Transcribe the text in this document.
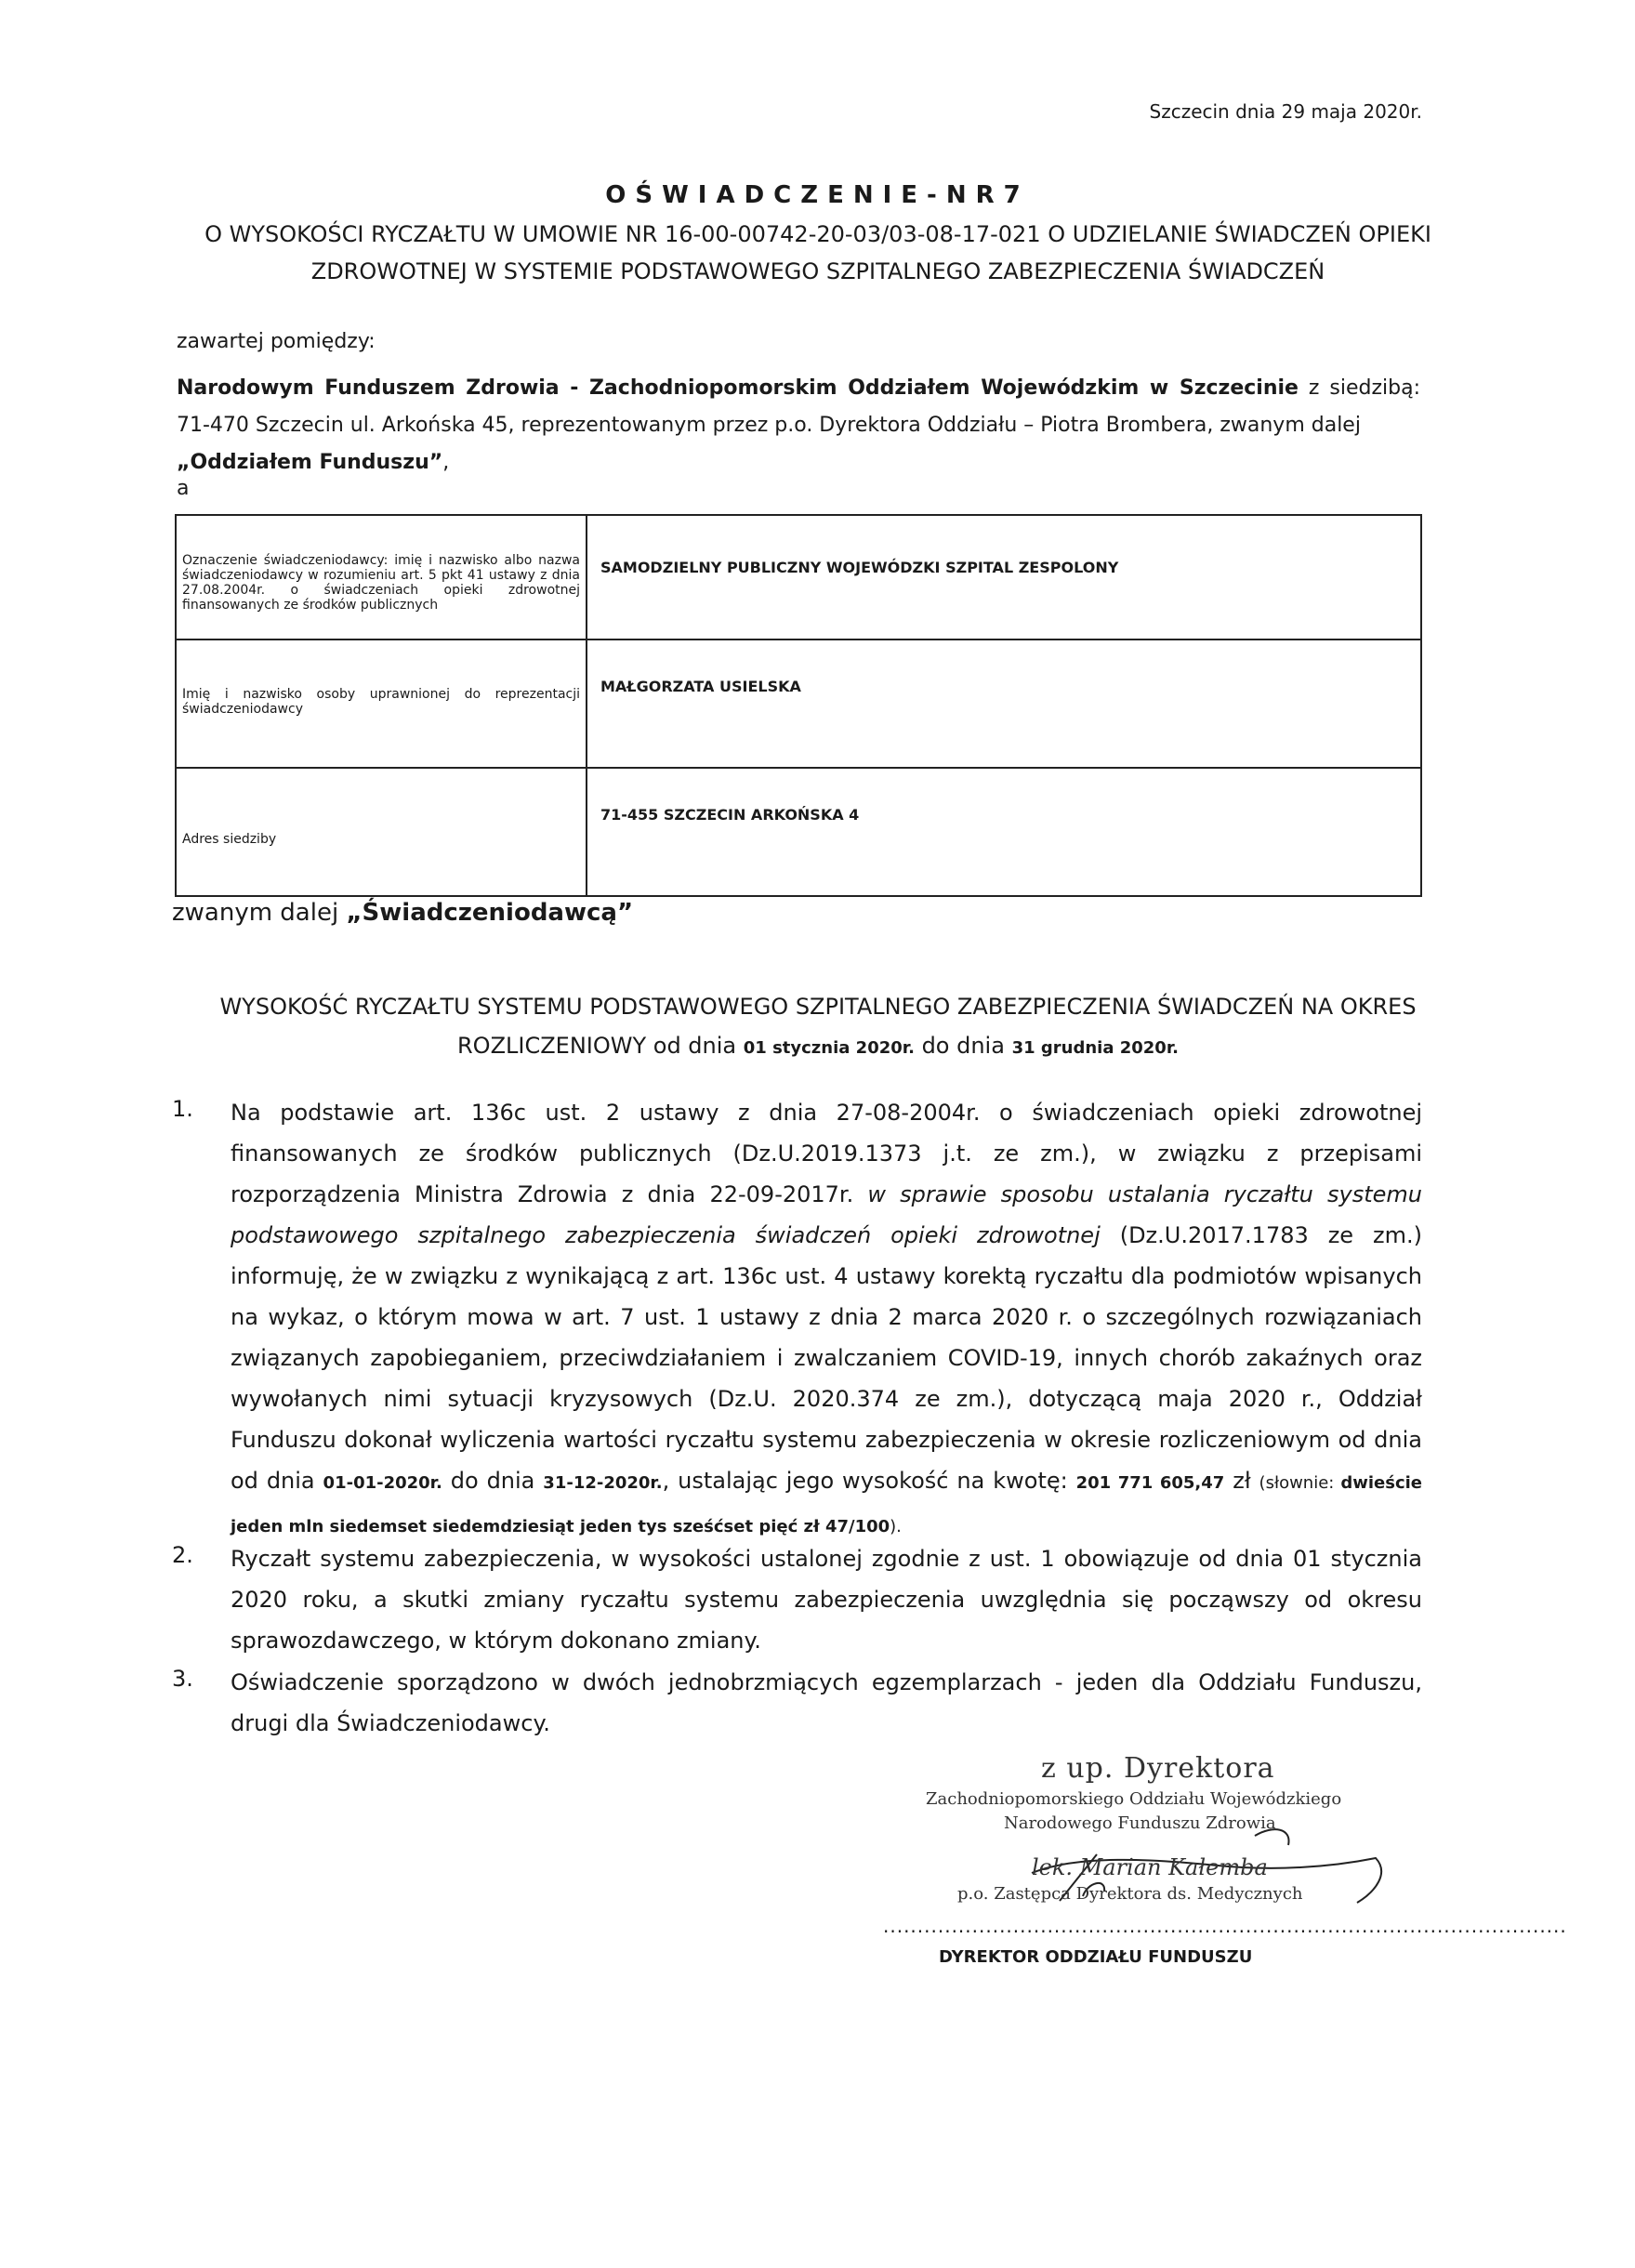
Szczecin dnia 29 maja 2020r.
OŚWIADCZENIE-NR7
O WYSOKOŚCI RYCZAŁTU W UMOWIE NR 16-00-00742-20-03/03-08-17-021 O UDZIELANIE ŚWIADCZEŃ OPIEKI
ZDROWOTNEJ W SYSTEMIE PODSTAWOWEGO SZPITALNEGO ZABEZPIECZENIA ŚWIADCZEŃ
zawartej pomiędzy:
Narodowym Funduszem Zdrowia - Zachodniopomorskim Oddziałem Wojewódzkim w Szczecinie z siedzibą: 71-470 Szczecin ul. Arkońska 45, reprezentowanym przez p.o. Dyrektora Oddziału – Piotra Brombera, zwanym dalej
„Oddziałem Funduszu”,
a
Oznaczenie świadczeniodawcy: imię i nazwisko albo nazwa świadczeniodawcy w rozumieniu art. 5 pkt 41 ustawy z dnia 27.08.2004r. o świadczeniach opieki zdrowotnej finansowanych ze środków publicznych
SAMODZIELNY PUBLICZNY WOJEWÓDZKI SZPITAL ZESPOLONY
Imię i nazwisko osoby uprawnionej do reprezentacji świadczeniodawcy
MAŁGORZATA USIELSKA
Adres siedziby
71-455 SZCZECIN ARKOŃSKA 4
zwanym dalej „Świadczeniodawcą”
WYSOKOŚĆ RYCZAŁTU SYSTEMU PODSTAWOWEGO SZPITALNEGO ZABEZPIECZENIA ŚWIADCZEŃ NA OKRES
ROZLICZENIOWY od dnia 01 stycznia 2020r. do dnia 31 grudnia 2020r.
1. Na podstawie art. 136c ust. 2 ustawy z dnia 27-08-2004r. o świadczeniach opieki zdrowotnej finansowanych ze środków publicznych (Dz.U.2019.1373 j.t. ze zm.), w związku z przepisami rozporządzenia Ministra Zdrowia z dnia 22-09-2017r. w sprawie sposobu ustalania ryczałtu systemu podstawowego szpitalnego zabezpieczenia świadczeń opieki zdrowotnej (Dz.U.2017.1783 ze zm.) informuję, że w związku z wynikającą z art. 136c ust. 4 ustawy korektą ryczałtu dla podmiotów wpisanych na wykaz, o którym mowa w art. 7 ust. 1 ustawy z dnia 2 marca 2020 r. o szczególnych rozwiązaniach związanych zapobieganiem, przeciwdziałaniem i zwalczaniem COVID-19, innych chorób zakaźnych oraz wywołanych nimi sytuacji kryzysowych (Dz.U. 2020.374 ze zm.), dotyczącą maja 2020 r., Oddział Funduszu dokonał wyliczenia wartości ryczałtu systemu zabezpieczenia w okresie rozliczeniowym od dnia od dnia 01-01-2020r. do dnia 31-12-2020r., ustalając jego wysokość na kwotę: 201 771 605,47 zł (słownie: dwieście jeden mln siedemset siedemdziesiąt jeden tys sześćset pięć zł 47/100).
2. Ryczałt systemu zabezpieczenia, w wysokości ustalonej zgodnie z ust. 1 obowiązuje od dnia 01 stycznia 2020 roku, a skutki zmiany ryczałtu systemu zabezpieczenia uwzględnia się począwszy od okresu sprawozdawczego, w którym dokonano zmiany.
3. Oświadczenie sporządzono w dwóch jednobrzmiących egzemplarzach - jeden dla Oddziału Funduszu, drugi dla Świadczeniodawcy.
z up. Dyrektora
Zachodniopomorskiego Oddziału Wojewódzkiego
Narodowego Funduszu Zdrowia
lek. Marian Kałemba
p.o. Zastępca Dyrektora ds. Medycznych
....................................................................................................
DYREKTOR ODDZIAŁU FUNDUSZU
